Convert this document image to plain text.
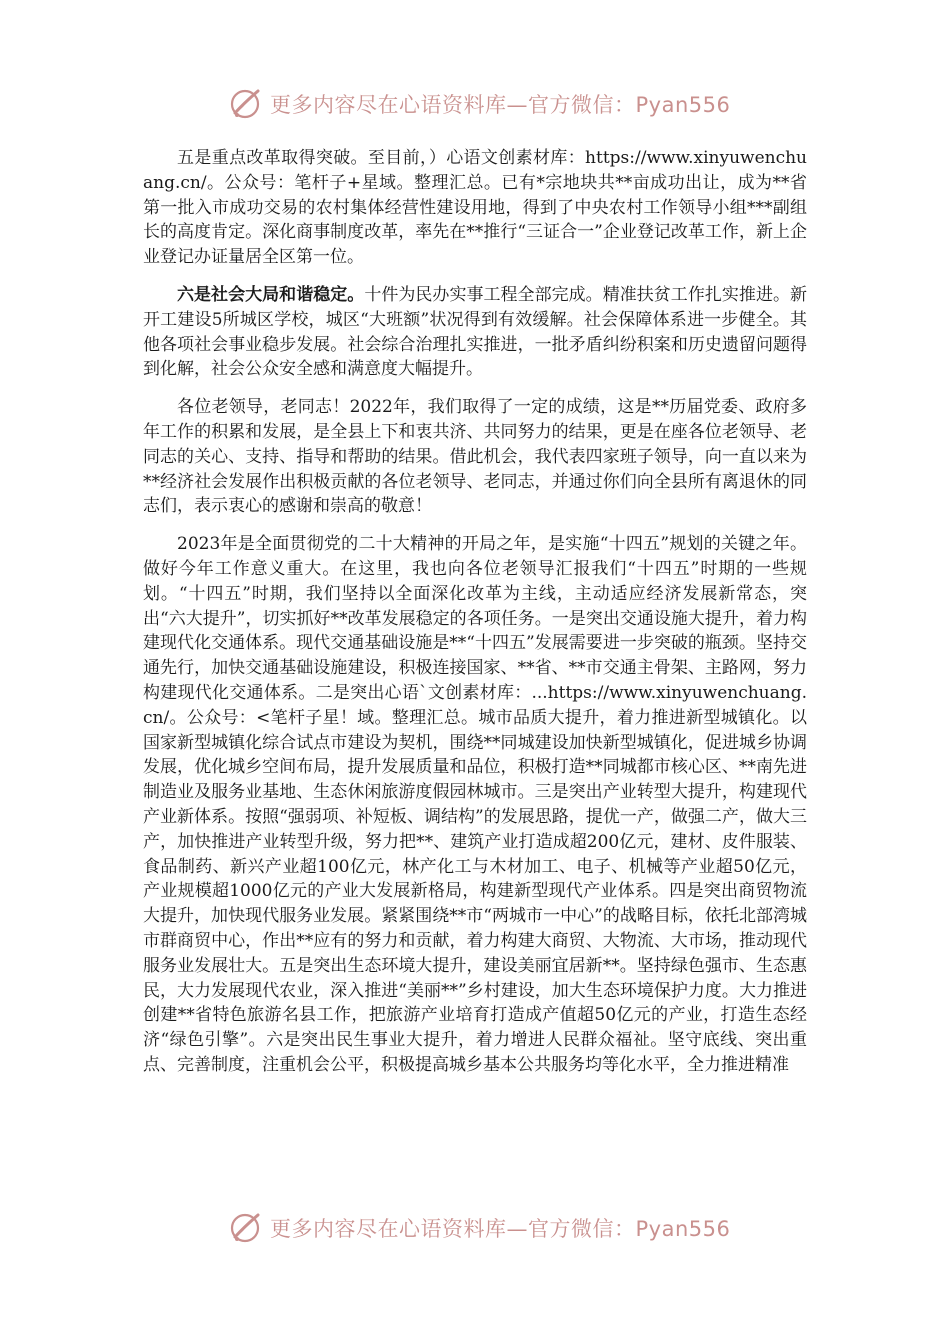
更多内容尽在心语资料库—官方微信：Pyan556

五是重点改革取得突破。至目前，）心语文创素材库：https://www.xinyuwenchuang.cn/。公众号：笔杆子+星域。整理汇总。已有*宗地块共**亩成功出让，成为**省第一批入市成功交易的农村集体经营性建设用地，得到了中央农村工作领导小组***副组长的高度肯定。深化商事制度改革，率先在**推行“三证合一”企业登记改革工作，新上企业登记办证量居全区第一位。

六是社会大局和谐稳定。十件为民办实事工程全部完成。精准扶贫工作扎实推进。新开工建设5所城区学校，城区“大班额”状况得到有效缓解。社会保障体系进一步健全。其他各项社会事业稳步发展。社会综合治理扎实推进，一批矛盾纠纷积案和历史遗留问题得到化解，社会公众安全感和满意度大幅提升。

各位老领导，老同志！2022年，我们取得了一定的成绩，这是**历届党委、政府多年工作的积累和发展，是全县上下和衷共济、共同努力的结果，更是在座各位老领导、老同志的关心、支持、指导和帮助的结果。借此机会，我代表四家班子领导，向一直以来为**经济社会发展作出积极贡献的各位老领导、老同志，并通过你们向全县所有离退休的同志们，表示衷心的感谢和崇高的敬意！

2023年是全面贯彻党的二十大精神的开局之年，是实施“十四五”规划的关键之年。做好今年工作意义重大。在这里，我也向各位老领导汇报我们“十四五”时期的一些规划。“十四五”时期，我们坚持以全面深化改革为主线，主动适应经济发展新常态，突出“六大提升”，切实抓好**改革发展稳定的各项任务。一是突出交通设施大提升，着力构建现代化交通体系。现代交通基础设施是**“十四五”发展需要进一步突破的瓶颈。坚持交通先行，加快交通基础设施建设，积极连接国家、**省、**市交通主骨架、主路网，努力构建现代化交通体系。二是突出心语`文创素材库：...https://www.xinyuwenchuang.cn/。公众号：<笔杆子星！域。整理汇总。城市品质大提升，着力推进新型城镇化。以国家新型城镇化综合试点市建设为契机，围绕**同城建设加快新型城镇化，促进城乡协调发展，优化城乡空间布局，提升发展质量和品位，积极打造**同城都市核心区、**南先进制造业及服务业基地、生态休闲旅游度假园林城市。三是突出产业转型大提升，构建现代产业新体系。按照“强弱项、补短板、调结构”的发展思路，提优一产，做强二产，做大三产，加快推进产业转型升级，努力把**、建筑产业打造成超200亿元，建材、皮件服装、食品制药、新兴产业超100亿元，林产化工与木材加工、电子、机械等产业超50亿元，产业规模超1000亿元的产业大发展新格局，构建新型现代产业体系。四是突出商贸物流大提升，加快现代服务业发展。紧紧围绕**市“两城市一中心”的战略目标，依托北部湾城市群商贸中心，作出**应有的努力和贡献，着力构建大商贸、大物流、大市场，推动现代服务业发展壮大。五是突出生态环境大提升，建设美丽宜居新**。坚持绿色强市、生态惠民，大力发展现代农业，深入推进“美丽**”乡村建设，加大生态环境保护力度。大力推进创建**省特色旅游名县工作，把旅游产业培育打造成产值超50亿元的产业，打造生态经济“绿色引擎”。六是突出民生事业大提升，着力增进人民群众福祉。坚守底线、突出重点、完善制度，注重机会公平，积极提高城乡基本公共服务均等化水平，全力推进精准

更多内容尽在心语资料库—官方微信：Pyan556
